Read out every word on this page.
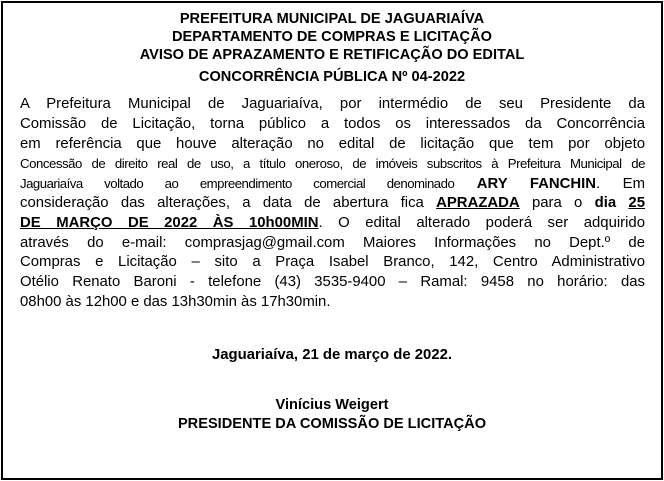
PREFEITURA MUNICIPAL DE JAGUARIAÍVA
DEPARTAMENTO DE COMPRAS E LICITAÇÃO
AVISO DE APRAZAMENTO E RETIFICAÇÃO DO EDITAL
CONCORRÊNCIA PÚBLICA Nº 04-2022
A Prefeitura Municipal de Jaguariaíva, por intermédio de seu Presidente da
Comissão de Licitação, torna público a todos os interessados da Concorrência
em referência que houve alteração no edital de licitação que tem por objeto
Concessão de direito real de uso, a título oneroso, de imóveis subscritos à Prefeitura Municipal de
Jaguariaíva voltado ao empreendimento comercial denominado ARY FANCHIN. Em
consideração das alterações, a data de abertura fica APRAZADA para o dia 25
DE MARÇO DE 2022 ÀS 10h00MIN. O edital alterado poderá ser adquirido
através do e-mail: comprasjag@gmail.com Maiores Informações no Dept.º de
Compras e Licitação – sito a Praça Isabel Branco, 142, Centro Administrativo
Otélio Renato Baroni - telefone (43) 3535-9400 – Ramal: 9458 no horário: das
08h00 às 12h00 e das 13h30min às 17h30min.
Jaguariaíva, 21 de março de 2022.
Vinícius Weigert
PRESIDENTE DA COMISSÃO DE LICITAÇÃO
